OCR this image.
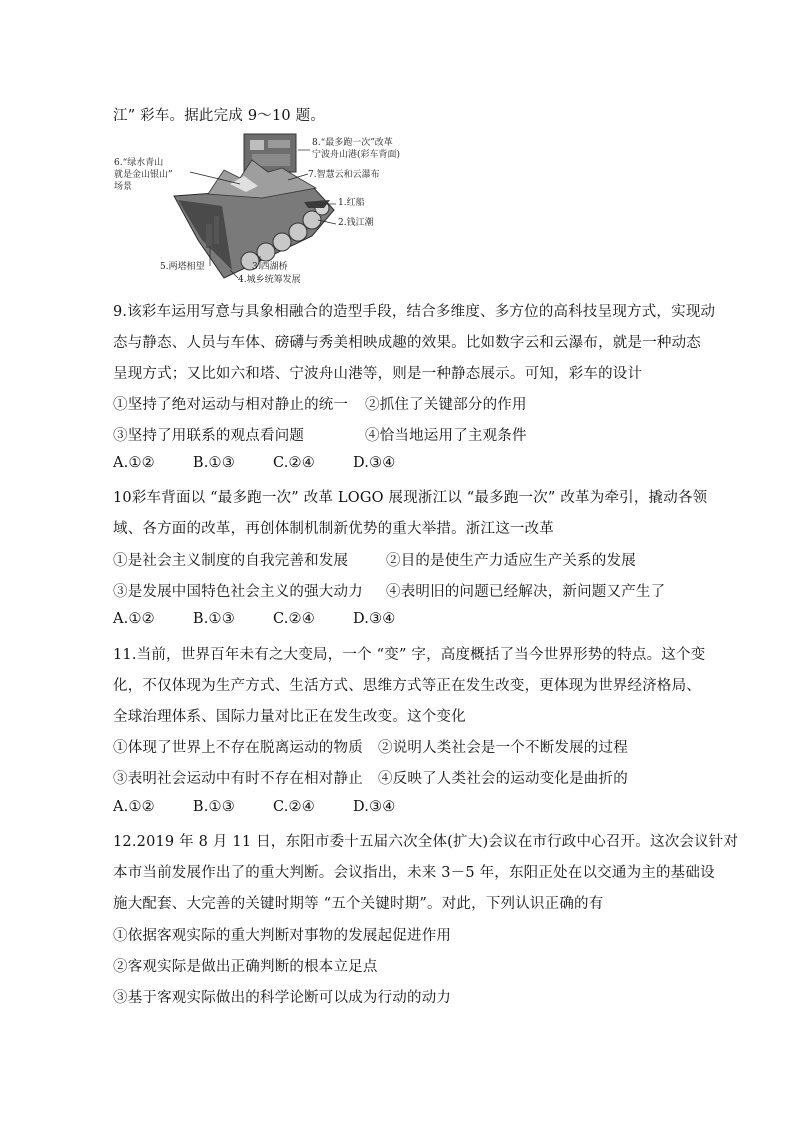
江” 彩车。据此完成 9～10 题。
8.“最多跑一次”改革
宁波舟山港(彩车背面)
7.智慧云和云瀑布
6.“绿水青山
就是金山银山”
场景
1.红船
2.钱江潮
3.西湖桥
4.城乡统筹发展
5.两塔相望
9.该彩车运用写意与具象相融合的造型手段，结合多维度、多方位的高科技呈现方式，实现动
态与静态、人员与车体、磅礴与秀美相映成趣的效果。比如数字云和云瀑布，就是一种动态
呈现方式；又比如六和塔、宁波舟山港等，则是一种静态展示。可知，彩车的设计
①坚持了绝对运动与相对静止的统一 ②抓住了关键部分的作用
③坚持了用联系的观点看问题	④恰当地运用了主观条件
A.①②	B.①③	C.②④	D.③④
10彩车背面以 “最多跑一次” 改革 LOGO 展现浙江以 “最多跑一次” 改革为牵引，撬动各领
域、各方面的改革，再创体制机制新优势的重大举措。浙江这一改革
①是社会主义制度的自我完善和发展	②目的是使生产力适应生产关系的发展
③是发展中国特色社会主义的强大动力 ④表明旧的问题已经解决，新问题又产生了
A.①②	B.①③	C.②④	D.③④
11.当前，世界百年未有之大变局，一个 “变” 字，高度概括了当今世界形势的特点。这个变
化，不仅体现为生产方式、生活方式、思维方式等正在发生改变，更体现为世界经济格局、
全球治理体系、国际力量对比正在发生改变。这个变化
①体现了世界上不存在脱离运动的物质 ②说明人类社会是一个不断发展的过程
③表明社会运动中有时不存在相对静止 ④反映了人类社会的运动变化是曲折的
A.①②	B.①③	C.②④	D.③④
12.2019 年 8 月 11 日，东阳市委十五届六次全体(扩大)会议在市行政中心召开。这次会议针对
本市当前发展作出了的重大判断。会议指出，未来 3－5 年，东阳正处在以交通为主的基础设
施大配套、大完善的关键时期等 “五个关键时期”。对此，下列认识正确的有
①依据客观实际的重大判断对事物的发展起促进作用
②客观实际是做出正确判断的根本立足点
③基于客观实际做出的科学论断可以成为行动的动力
